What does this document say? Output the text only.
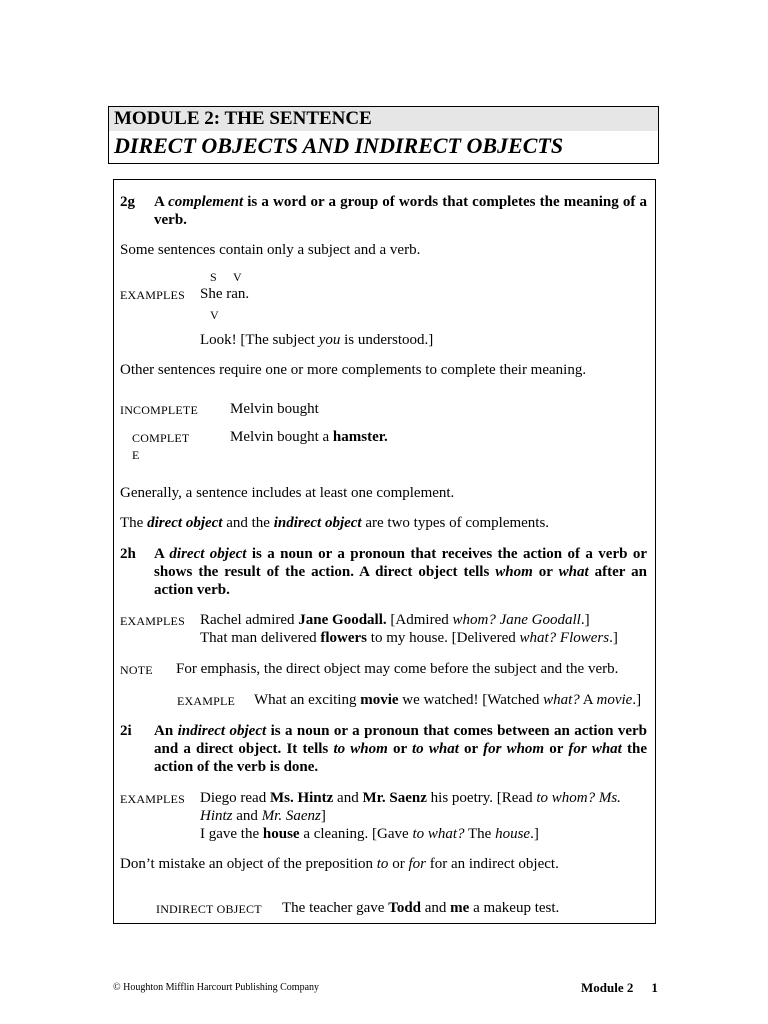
MODULE 2: THE SENTENCE
DIRECT OBJECTS AND INDIRECT OBJECTS
2g A complement is a word or a group of words that completes the meaning of a verb.
Some sentences contain only a subject and a verb.
S V
EXAMPLES She ran.
V
Look! [The subject you is understood.]
Other sentences require one or more complements to complete their meaning.
INCOMPLETE Melvin bought
COMPLET
E
Melvin bought a hamster.
Generally, a sentence includes at least one complement.
The direct object and the indirect object are two types of complements.
2h A direct object is a noun or a pronoun that receives the action of a verb or shows the result of the action. A direct object tells whom or what after an action verb.
EXAMPLES Rachel admired Jane Goodall. [Admired whom? Jane Goodall.]
That man delivered flowers to my house. [Delivered what? Flowers.]
NOTE For emphasis, the direct object may come before the subject and the verb.
EXAMPLE What an exciting movie we watched! [Watched what? A movie.]
2i An indirect object is a noun or a pronoun that comes between an action verb and a direct object. It tells to whom or to what or for whom or for what the action of the verb is done.
EXAMPLES Diego read Ms. Hintz and Mr. Saenz his poetry. [Read to whom? Ms. Hintz and Mr. Saenz]
I gave the house a cleaning. [Gave to what? The house.]
Don’t mistake an object of the preposition to or for for an indirect object.
INDIRECT OBJECT The teacher gave Todd and me a makeup test.
© Houghton Mifflin Harcourt Publishing Company	Module 2 1
